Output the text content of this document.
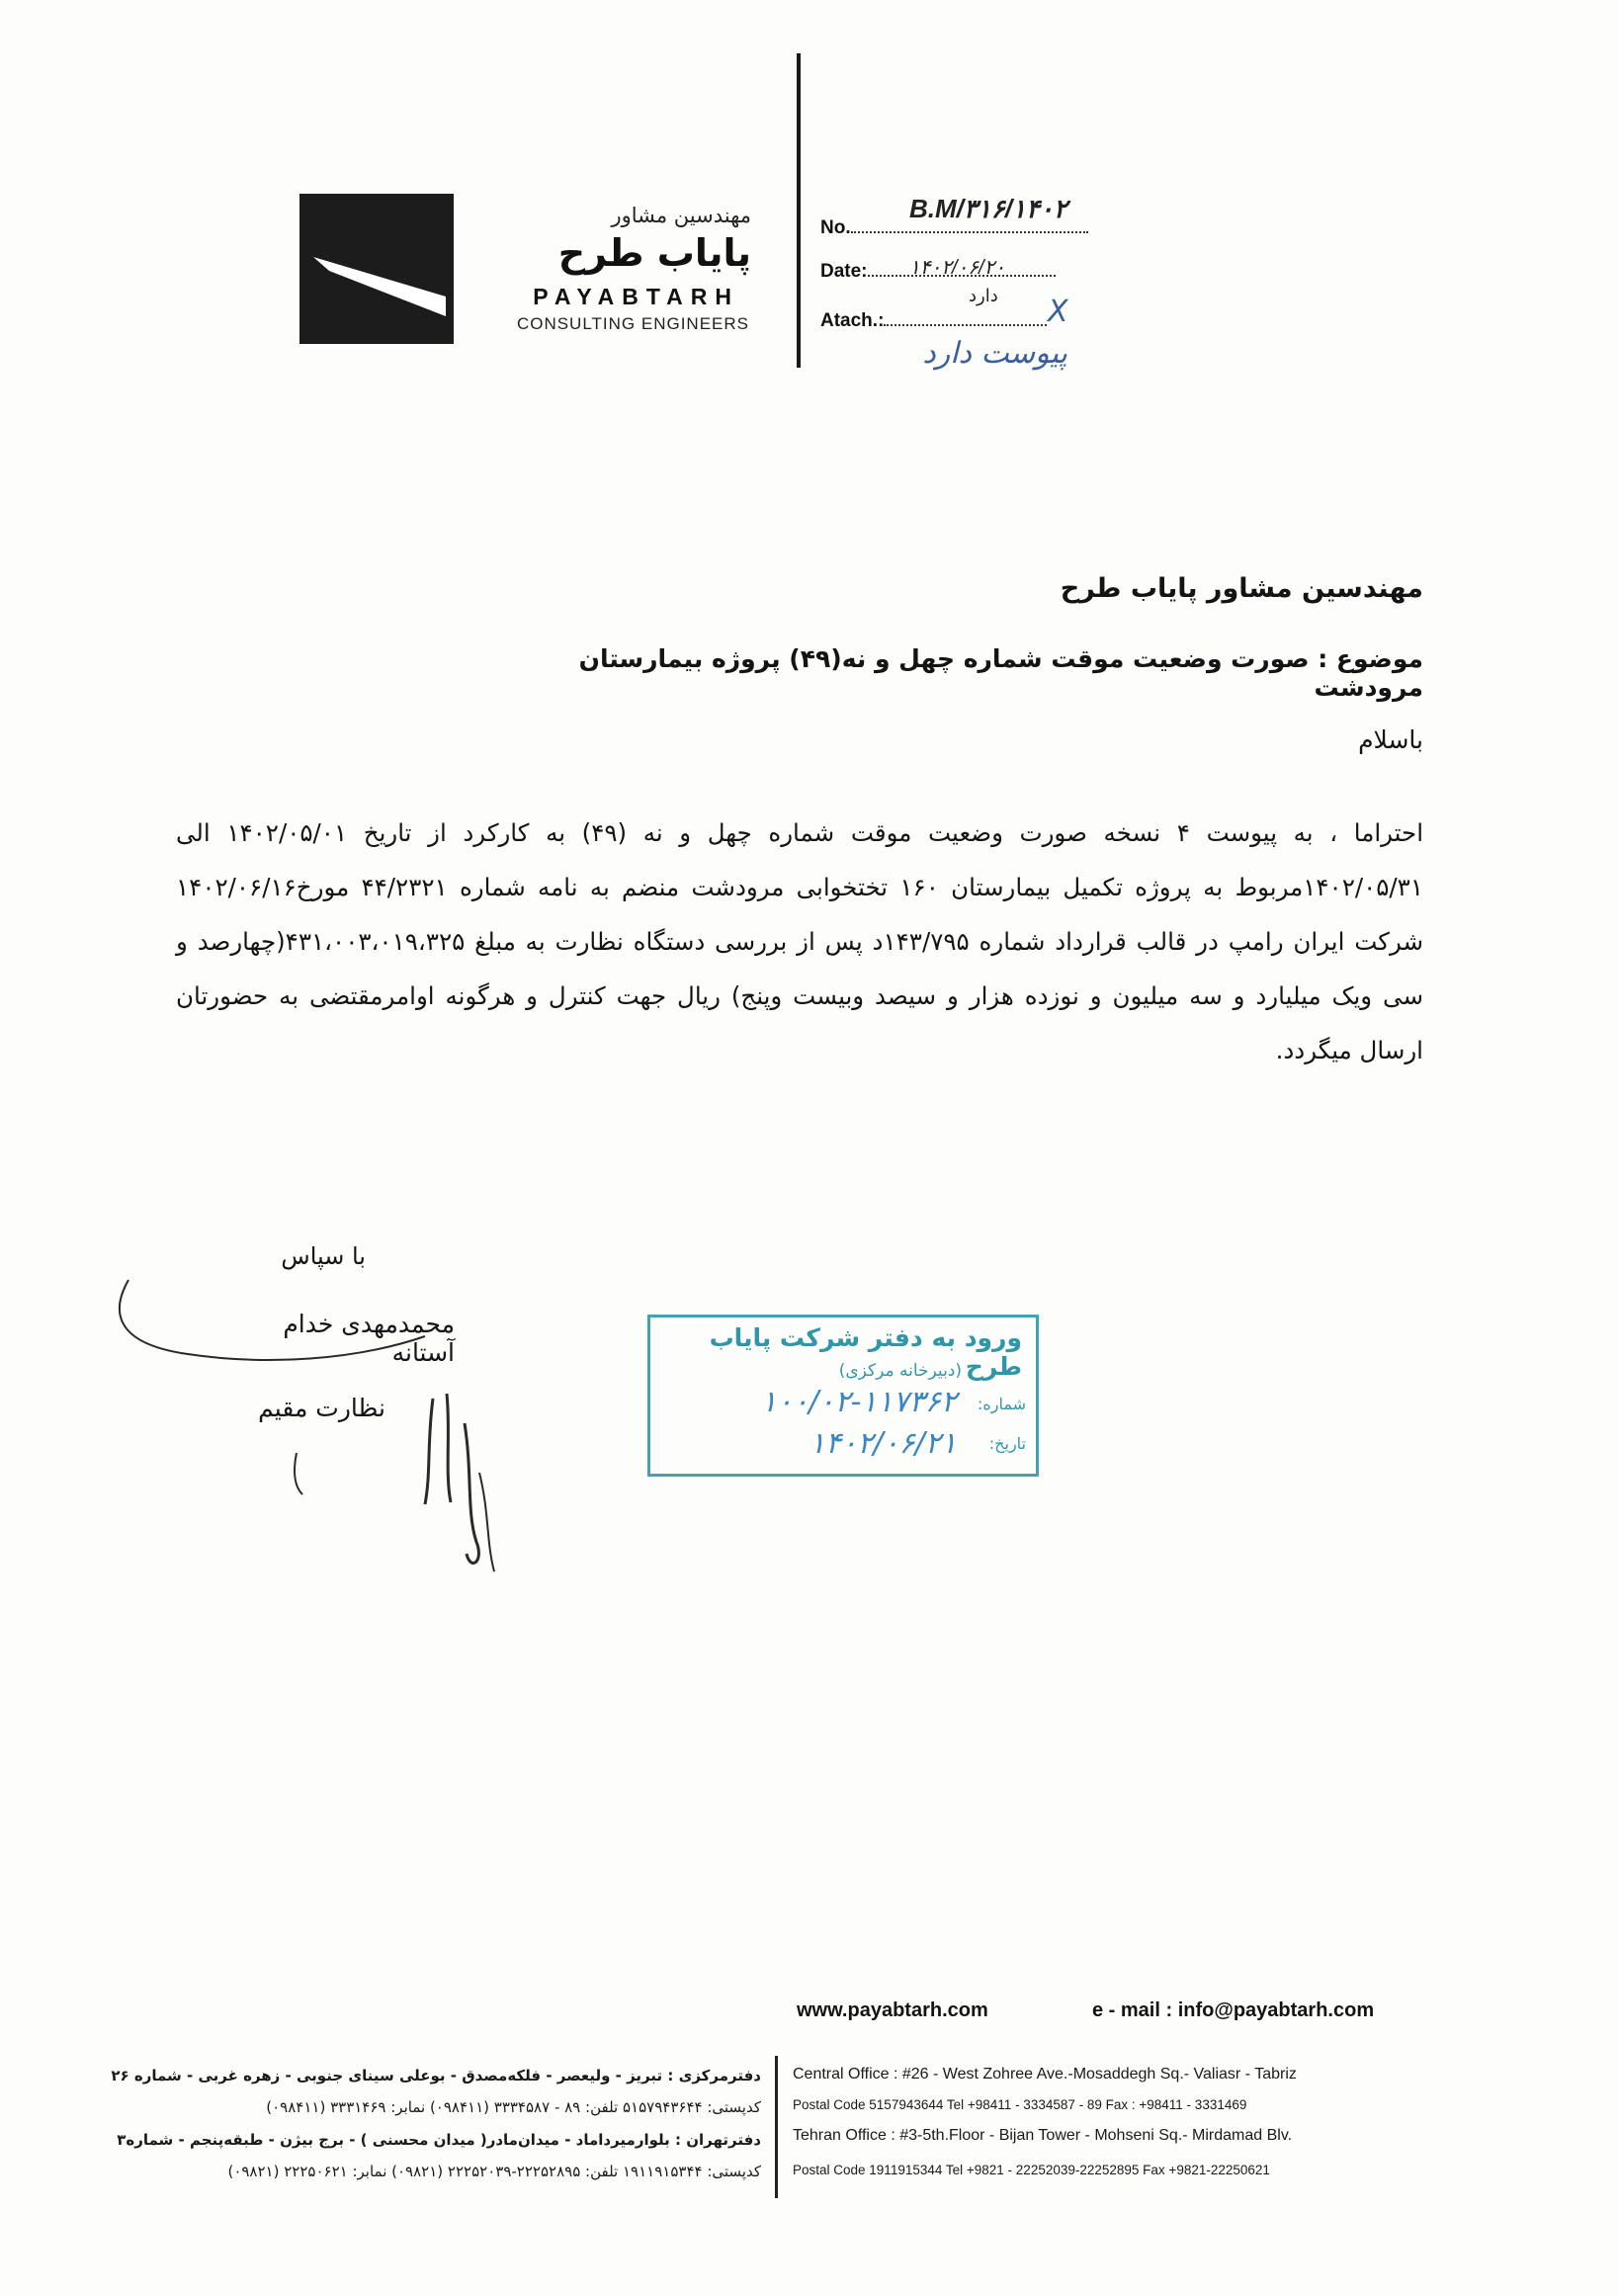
مهندسین مشاور
پایاب طرح
PAYABTARH
CONSULTING ENGINEERS
No.
B.M/۳۱۶/۱۴۰۲
Date:	۱۴۰۲/۰۶/۲۰
Atach.:
دارد X
پیوست دارد
مهندسین مشاور پایاب طرح
موضوع : صورت وضعیت موقت شماره چهل و نه(۴۹) پروژه بیمارستان مرودشت
باسلام
احتراما ، به پیوست ۴ نسخه صورت وضعیت موقت شماره چهل و نه (۴۹) به کارکرد از تاریخ ۱۴۰۲/۰۵/۰۱ الی ۱۴۰۲/۰۵/۳۱مربوط به پروژه تکمیل بیمارستان ۱۶۰ تختخوابی مرودشت منضم به نامه شماره ۴۴/۲۳۲۱ مورخ۱۴۰۲/۰۶/۱۶ شرکت ایران رامپ در قالب قرارداد شماره ۱۴۳/۷۹۵د پس از بررسی دستگاه نظارت به مبلغ ۴۳۱،۰۰۳،۰۱۹،۳۲۵(چهارصد و سی ویک میلیارد و سه میلیون و نوزده هزار و سیصد وبیست وپنج) ریال جهت کنترل و هرگونه اوامرمقتضی به حضورتان ارسال میگردد.
با سپاس
محمدمهدی خدام آستانه
نظارت مقیم
ورود به دفتر شرکت پایاب طرح
(دبیرخانه مرکزی)
شماره:
۱۰۰/۰۲-۱۱۷۳۶۲
تاریخ:
۱۴۰۲/۰۶/۲۱
www.payabtarh.com	e - mail : info@payabtarh.com
Central Office : #26 - West Zohree Ave.-Mosaddegh Sq.- Valiasr - Tabriz
Postal Code 5157943644 Tel +98411 - 3334587 - 89 Fax : +98411 - 3331469
Tehran Office : #3-5th.Floor - Bijan Tower - Mohseni Sq.- Mirdamad Blv.
Postal Code 1911915344 Tel +9821 - 22252039-22252895 Fax +9821-22250621
دفترمرکزی : تبریز - ولیعصر - فلکه‌مصدق - بوعلی سینای جنوبی - زهره غربی - شماره ۲۶
کدپستی: ۵۱۵۷۹۴۳۶۴۴ تلفن: ۸۹ - ۳۳۳۴۵۸۷ (۰۹۸۴۱۱) نمابر: ۳۳۳۱۴۶۹ (۰۹۸۴۱۱)
دفترتهران : بلوارمیرداماد - میدان‌مادر( میدان محسنی ) - برج بیژن - طبقه‌پنجم - شماره۳
کدپستی: ۱۹۱۱۹۱۵۳۴۴ تلفن: ۲۲۲۵۲۸۹۵-۲۲۲۵۲۰۳۹ (۰۹۸۲۱) نمابر: ۲۲۲۵۰۶۲۱ (۰۹۸۲۱)
